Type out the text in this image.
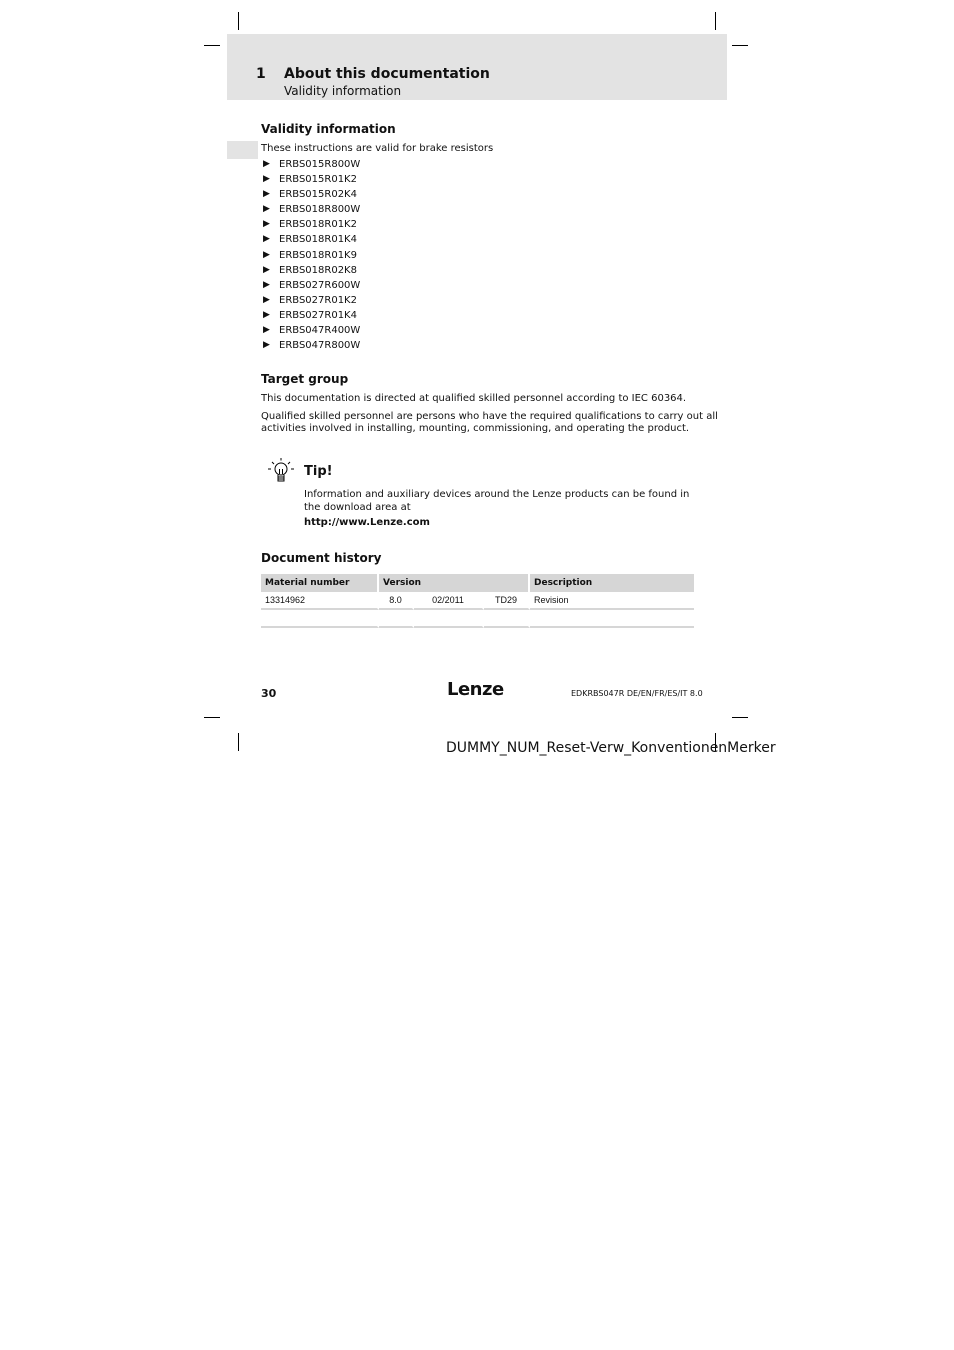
1 About this documentation
Validity information
Validity information
These instructions are valid for brake resistors
▶ ERBS015R800W
▶ ERBS015R01K2
▶ ERBS015R02K4
▶ ERBS018R800W
▶ ERBS018R01K2
▶ ERBS018R01K4
▶ ERBS018R01K9
▶ ERBS018R02K8
▶ ERBS027R600W
▶ ERBS027R01K2
▶ ERBS027R01K4
▶ ERBS047R400W
▶ ERBS047R800W
Target group
This documentation is directed at qualified skilled personnel according to IEC 60364.
Qualified skilled personnel are persons who have the required qualifications to carry out all
activities involved in installing, mounting, commissioning, and operating the product.
Tip!
Information and auxiliary devices around the Lenze products can be found in
the download area at
http://www.Lenze.com
Document history
Material number	Version			Description
13314962	8.0	02/2011	TD29	Revision

30	Lenze	EDKRBS047R DE/EN/FR/ES/IT 8.0
DUMMY_NUM_Reset-Verw_KonventionenMerker
